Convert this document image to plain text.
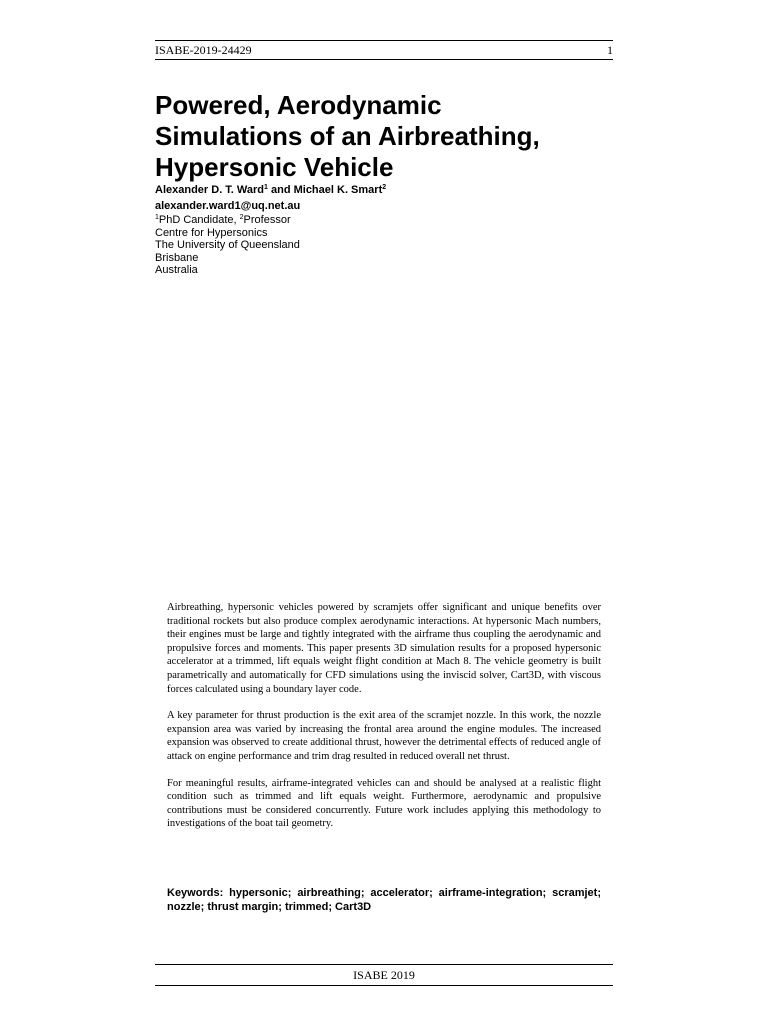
ISABE-2019-24429	1
Powered, Aerodynamic
Simulations of an Airbreathing,
Hypersonic Vehicle
Alexander D. T. Ward$^1$ and Michael K. Smart$^2$
alexander.ward1@uq.net.au
$^1$PhD Candidate, $^2$Professor
Centre for Hypersonics
The University of Queensland
Brisbane
Australia

Airbreathing, hypersonic vehicles powered by scramjets offer significant and unique benefits over traditional rockets but also produce complex aerodynamic interactions. At hypersonic Mach numbers, their engines must be large and tightly integrated with the airframe thus coupling the aerodynamic and propulsive forces and moments. This paper presents 3D simulation results for a proposed hypersonic accelerator at a trimmed, lift equals weight flight condition at Mach 8. The vehicle geometry is built parametrically and automatically for CFD simulations using the inviscid solver, Cart3D, with viscous forces calculated using a boundary layer code.

A key parameter for thrust production is the exit area of the scramjet nozzle. In this work, the nozzle expansion area was varied by increasing the frontal area around the engine modules. The increased expansion was observed to create additional thrust, however the detrimental effects of reduced angle of attack on engine performance and trim drag resulted in reduced overall net thrust.

For meaningful results, airframe-integrated vehicles can and should be analysed at a realistic flight condition such as trimmed and lift equals weight. Furthermore, aerodynamic and propulsive contributions must be considered concurrently. Future work includes applying this methodology to investigations of the boat tail geometry.

Keywords: hypersonic; airbreathing; accelerator; airframe-integration; scramjet; nozzle; thrust margin; trimmed; Cart3D
ISABE 2019
